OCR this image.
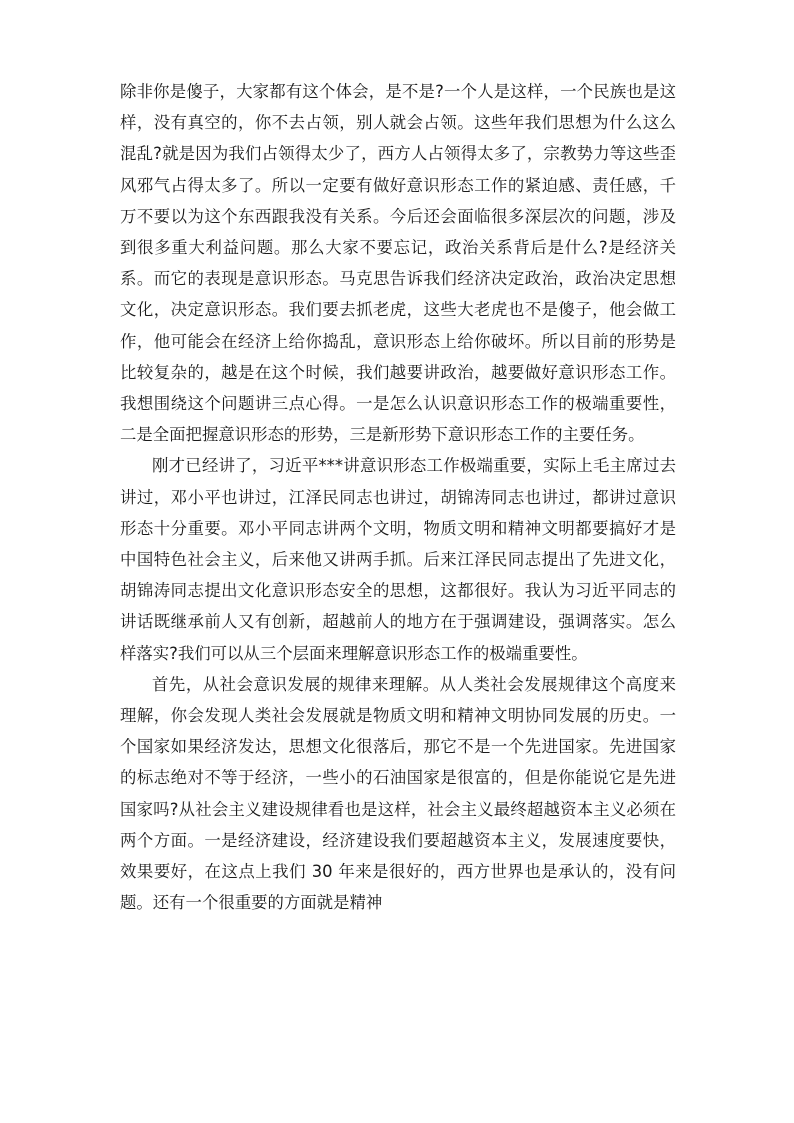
除非你是傻子，大家都有这个体会，是不是?一个人是这样，一个民族也是这样，没有真空的，你不去占领，别人就会占领。这些年我们思想为什么这么混乱?就是因为我们占领得太少了，西方人占领得太多了，宗教势力等这些歪风邪气占得太多了。所以一定要有做好意识形态工作的紧迫感、责任感，千万不要以为这个东西跟我没有关系。今后还会面临很多深层次的问题，涉及到很多重大利益问题。那么大家不要忘记，政治关系背后是什么?是经济关系。而它的表现是意识形态。马克思告诉我们经济决定政治，政治决定思想文化，决定意识形态。我们要去抓老虎，这些大老虎也不是傻子，他会做工作，他可能会在经济上给你捣乱，意识形态上给你破坏。所以目前的形势是比较复杂的，越是在这个时候，我们越要讲政治，越要做好意识形态工作。我想围绕这个问题讲三点心得。一是怎么认识意识形态工作的极端重要性，二是全面把握意识形态的形势，三是新形势下意识形态工作的主要任务。

刚才已经讲了，习近平***讲意识形态工作极端重要，实际上毛主席过去讲过，邓小平也讲过，江泽民同志也讲过，胡锦涛同志也讲过，都讲过意识形态十分重要。邓小平同志讲两个文明，物质文明和精神文明都要搞好才是中国特色社会主义，后来他又讲两手抓。后来江泽民同志提出了先进文化，胡锦涛同志提出文化意识形态安全的思想，这都很好。我认为习近平同志的讲话既继承前人又有创新，超越前人的地方在于强调建设，强调落实。怎么样落实?我们可以从三个层面来理解意识形态工作的极端重要性。

首先，从社会意识发展的规律来理解。从人类社会发展规律这个高度来理解，你会发现人类社会发展就是物质文明和精神文明协同发展的历史。一个国家如果经济发达，思想文化很落后，那它不是一个先进国家。先进国家的标志绝对不等于经济，一些小的石油国家是很富的，但是你能说它是先进国家吗?从社会主义建设规律看也是这样，社会主义最终超越资本主义必须在两个方面。一是经济建设，经济建设我们要超越资本主义，发展速度要快，效果要好，在这点上我们 30 年来是很好的，西方世界也是承认的，没有问题。还有一个很重要的方面就是精神
